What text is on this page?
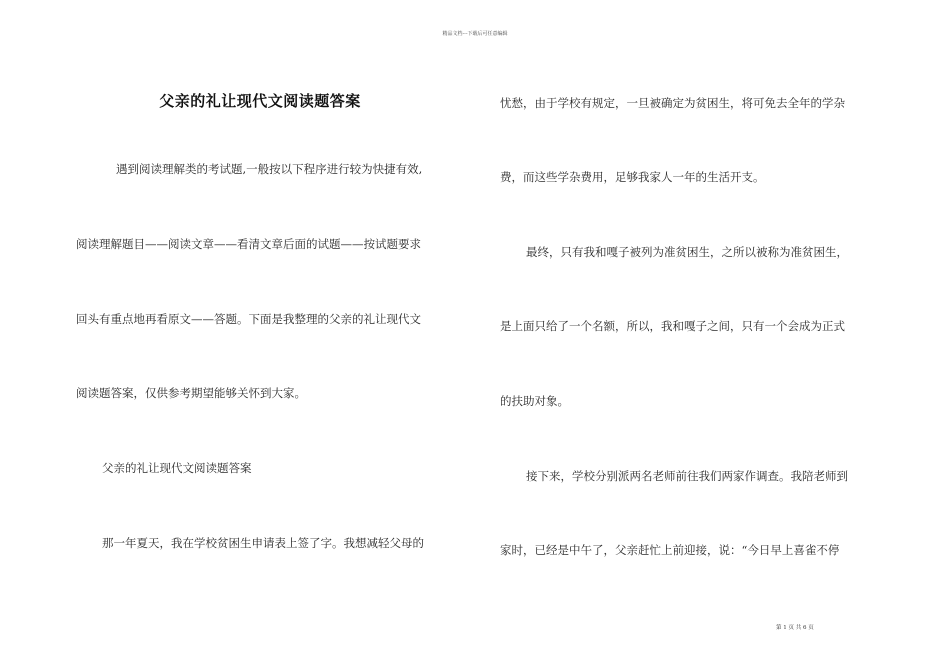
精品文档---下载后可任意编辑
父亲的礼让现代文阅读题答案

遇到阅读理解类的考试题,一般按以下程序进行较为快捷有效,

阅读理解题目——阅读文章——看清文章后面的试题——按试题要求

回头有重点地再看原文——答题。下面是我整理的父亲的礼让现代文

阅读题答案，仅供参考期望能够关怀到大家。

父亲的礼让现代文阅读题答案

那一年夏天，我在学校贫困生申请表上签了字。我想减轻父母的

忧愁，由于学校有规定，一旦被确定为贫困生，将可免去全年的学杂

费，而这些学杂费用，足够我家人一年的生活开支。

最终，只有我和嘎子被列为准贫困生，之所以被称为准贫困生，

是上面只给了一个名额，所以，我和嘎子之间，只有一个会成为正式

的扶助对象。

接下来，学校分别派两名老师前往我们两家作调查。我陪老师到

家时，已经是中午了，父亲赶忙上前迎接，说：“今日早上喜雀不停

第 1 页 共 6 页
